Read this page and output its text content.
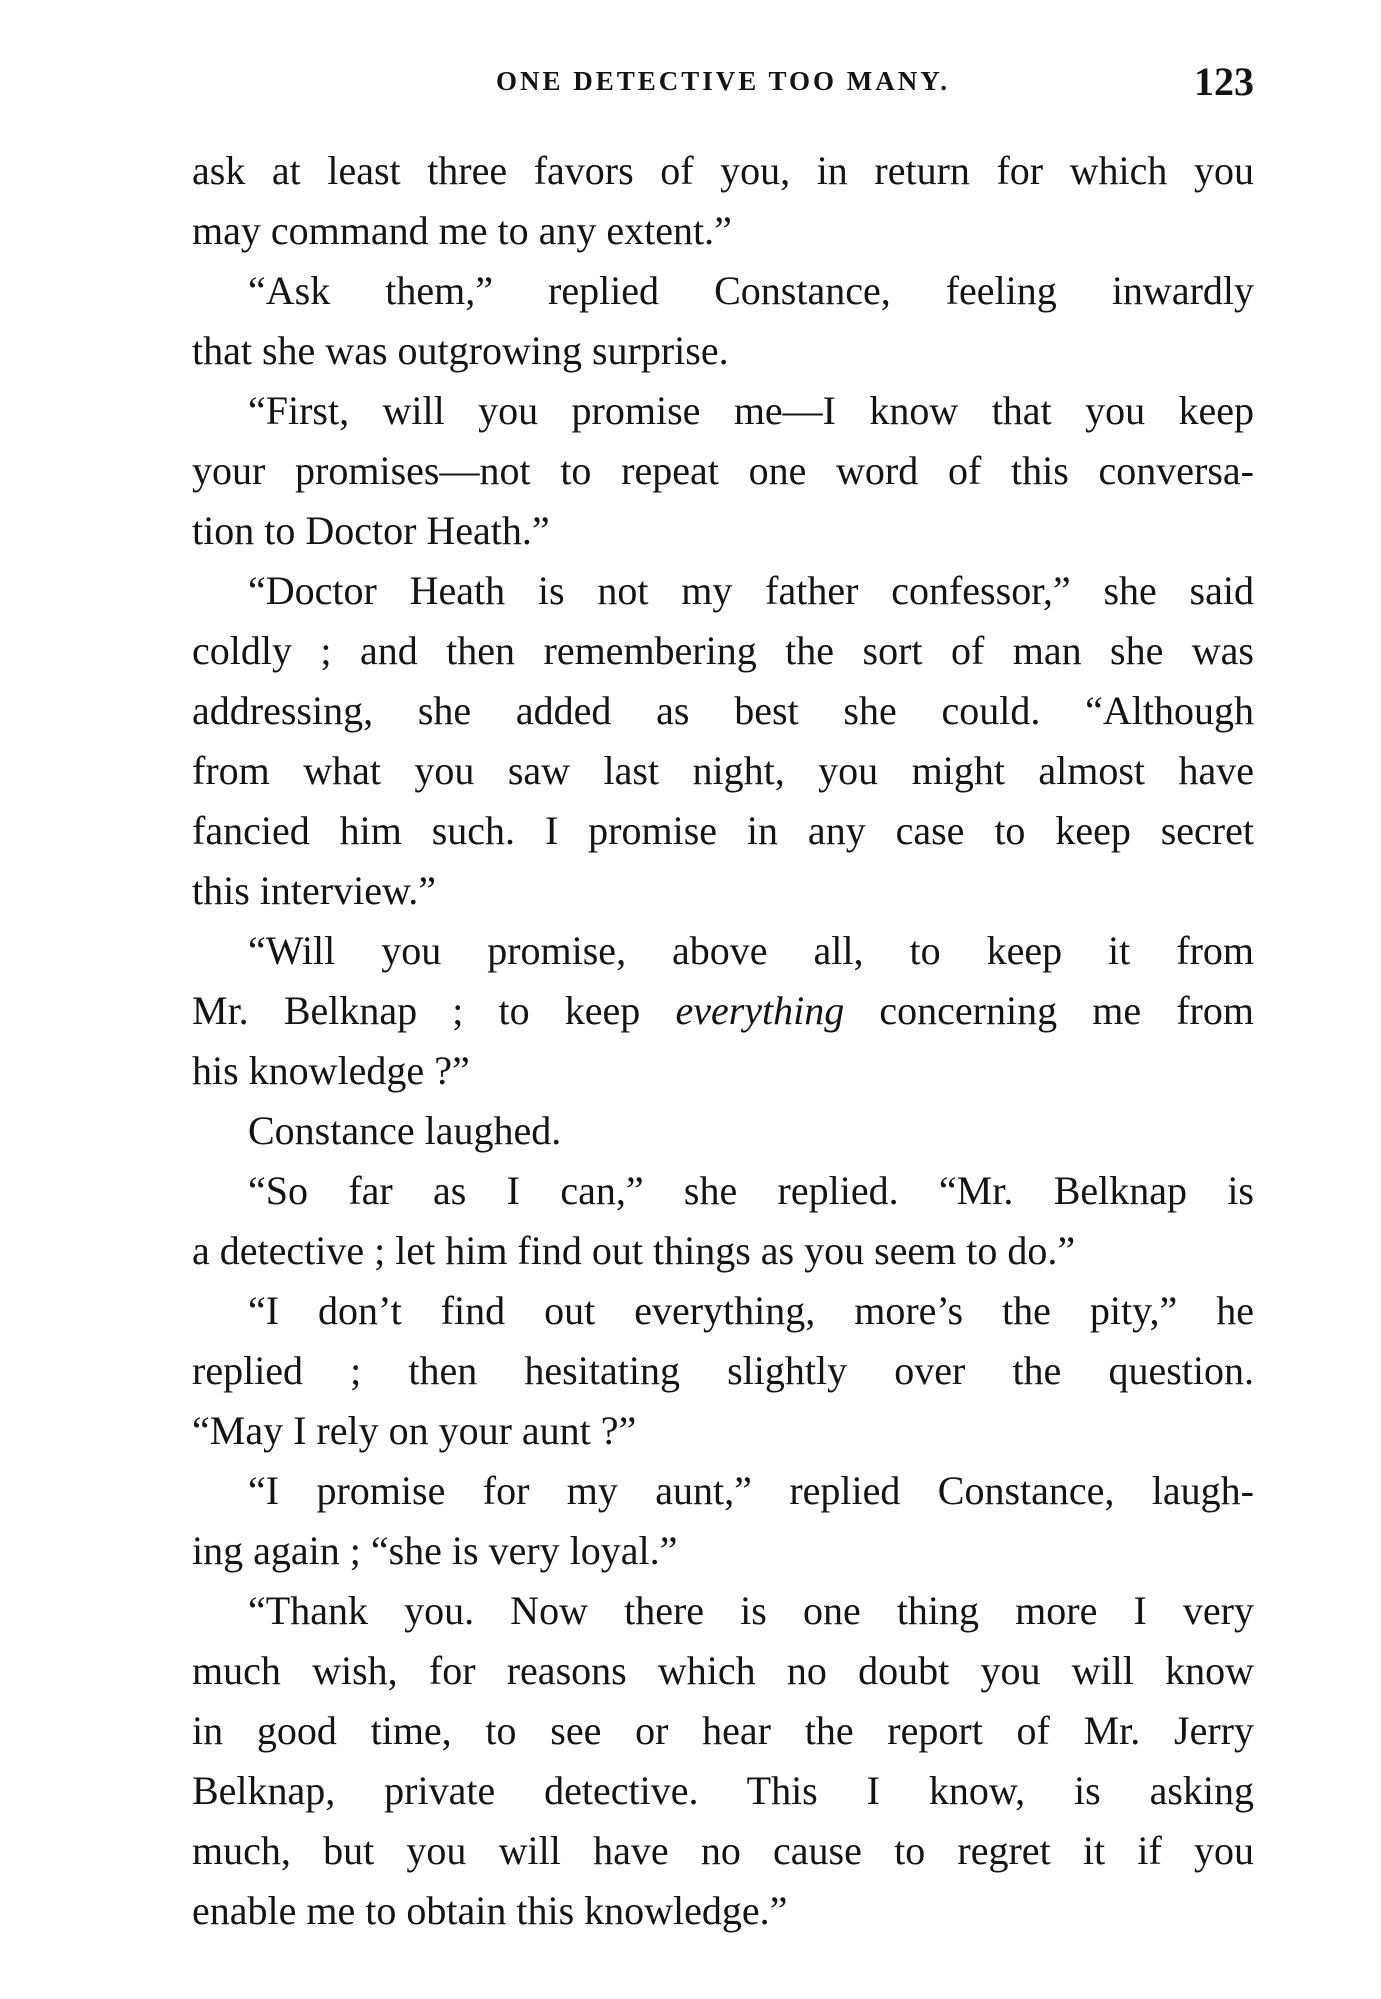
ONE DETECTIVE TOO MANY.	123
ask at least three favors of you, in return for which you
may command me to any extent.”
“Ask them,” replied Constance, feeling inwardly
that she was outgrowing surprise.
“First, will you promise me—I know that you keep
your promises—not to repeat one word of this conversa-
tion to Doctor Heath.”
“Doctor Heath is not my father confessor,” she said
coldly ; and then remembering the sort of man she was
addressing, she added as best she could. “Although
from what you saw last night, you might almost have
fancied him such. I promise in any case to keep secret
this interview.”
“Will you promise, above all, to keep it from
Mr. Belknap ; to keep everything concerning me from
his knowledge ?”
Constance laughed.
“So far as I can,” she replied. “Mr. Belknap is
a detective ; let him find out things as you seem to do.”
“I don’t find out everything, more’s the pity,” he
replied ; then hesitating slightly over the question.
“May I rely on your aunt ?”
“I promise for my aunt,” replied Constance, laugh-
ing again ; “she is very loyal.”
“Thank you. Now there is one thing more I very
much wish, for reasons which no doubt you will know
in good time, to see or hear the report of Mr. Jerry
Belknap, private detective. This I know, is asking
much, but you will have no cause to regret it if you
enable me to obtain this knowledge.”
